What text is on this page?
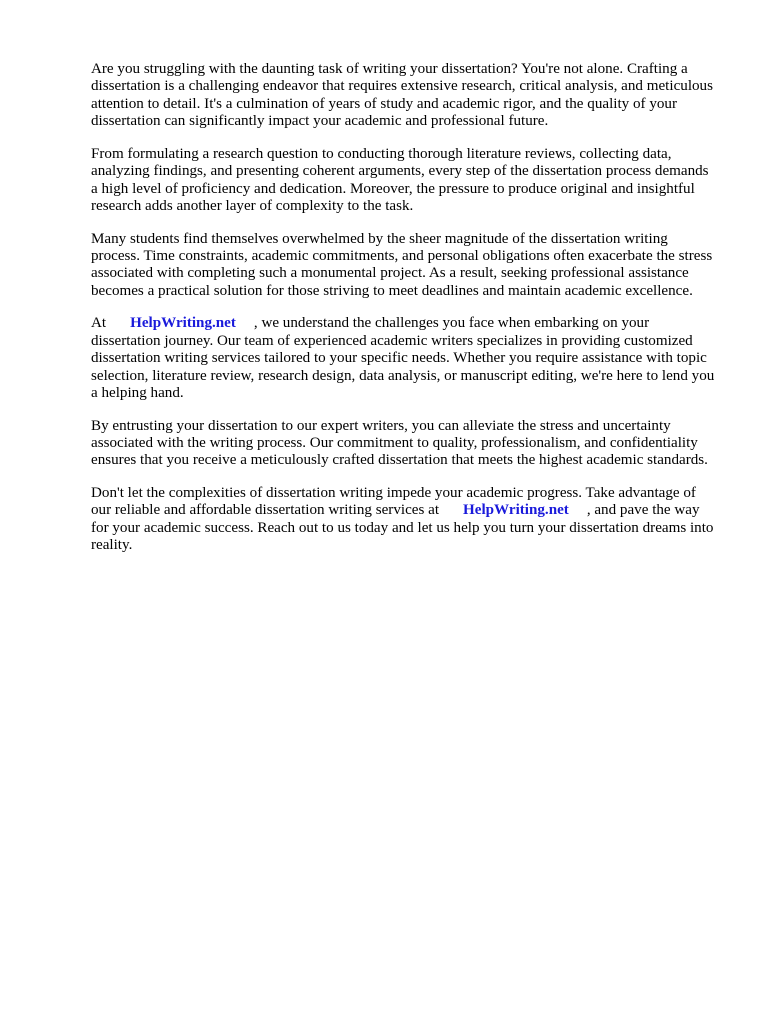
Are you struggling with the daunting task of writing your dissertation? You're not alone. Crafting a dissertation is a challenging endeavor that requires extensive research, critical analysis, and meticulous attention to detail. It's a culmination of years of study and academic rigor, and the quality of your dissertation can significantly impact your academic and professional future.

From formulating a research question to conducting thorough literature reviews, collecting data, analyzing findings, and presenting coherent arguments, every step of the dissertation process demands a high level of proficiency and dedication. Moreover, the pressure to produce original and insightful research adds another layer of complexity to the task.

Many students find themselves overwhelmed by the sheer magnitude of the dissertation writing process. Time constraints, academic commitments, and personal obligations often exacerbate the stress associated with completing such a monumental project. As a result, seeking professional assistance becomes a practical solution for those striving to meet deadlines and maintain academic excellence.

At HelpWriting.net , we understand the challenges you face when embarking on your dissertation journey. Our team of experienced academic writers specializes in providing customized dissertation writing services tailored to your specific needs. Whether you require assistance with topic selection, literature review, research design, data analysis, or manuscript editing, we're here to lend you a helping hand.

By entrusting your dissertation to our expert writers, you can alleviate the stress and uncertainty associated with the writing process. Our commitment to quality, professionalism, and confidentiality ensures that you receive a meticulously crafted dissertation that meets the highest academic standards.

Don't let the complexities of dissertation writing impede your academic progress. Take advantage of our reliable and affordable dissertation writing services at HelpWriting.net , and pave the way for your academic success. Reach out to us today and let us help you turn your dissertation dreams into reality.
